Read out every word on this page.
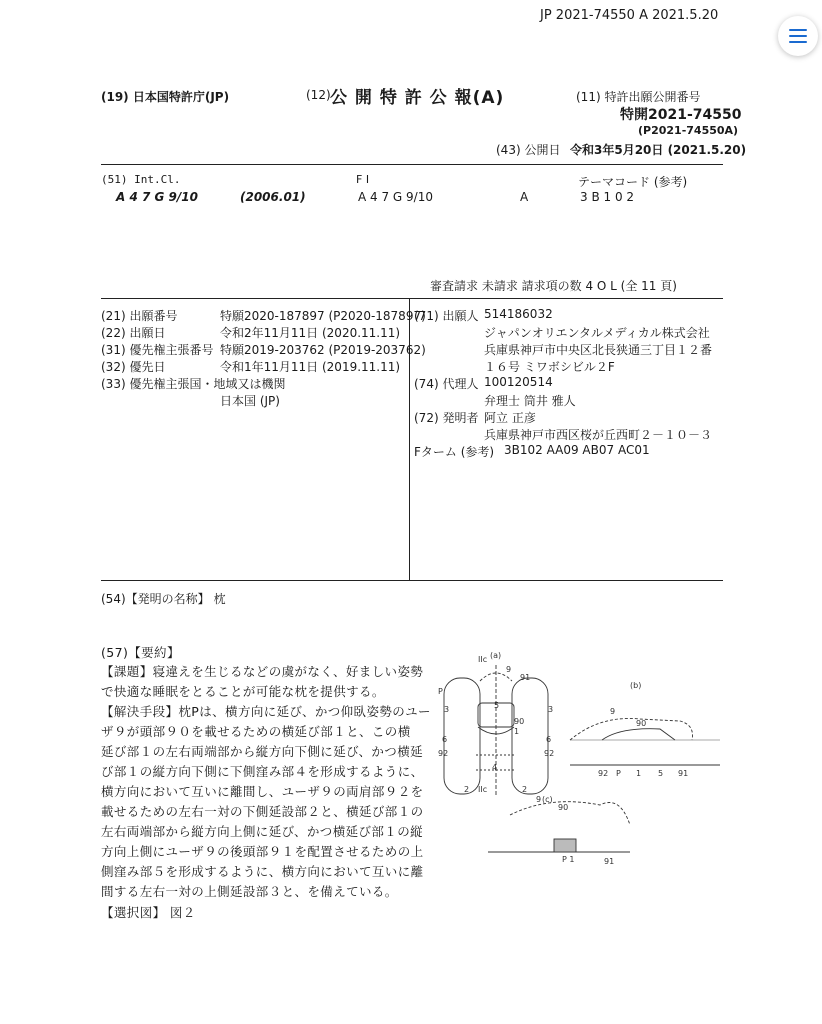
JP 2021-74550 A 2021.5.20
(19) 日本国特許庁(JP)	(12) 公 開 特 許 公 報(A)	(11) 特許出願公開番号
特開2021-74550
(P2021-74550A)
(43) 公開日 令和3年5月20日 (2021.5.20)
(51) Int.Cl.	F I	テーマコード (参考)
A 4 7 G 9/10	(2006.01)	A 4 7 G 9/10	A	3 B 1 0 2
審査請求 未請求 請求項の数 4 O L (全 11 頁)
(21) 出願番号	特願2020-187897 (P2020-187897)
(22) 出願日	令和2年11月11日 (2020.11.11)
(31) 優先権主張番号 特願2019-203762 (P2019-203762)
(32) 優先日	令和1年11月11日 (2019.11.11)
(33) 優先権主張国・地域又は機関
日本国 (JP)
(71) 出願人 514186032
ジャパンオリエンタルメディカル株式会社
兵庫県神戸市中央区北長狭通三丁目１２番
１６号 ミワボシビル２F
(74) 代理人 100120514
弁理士 筒井 雅人
(72) 発明者 阿立 正彦
兵庫県神戸市西区桜が丘西町２－１０－３
Fターム (参考) 3B102 AA09 AB07 AC01
(54)【発明の名称】 枕
(57)【要約】
【課題】寝違えを生じるなどの虞がなく、好ましい姿勢
で快適な睡眠をとることが可能な枕を提供する。
【解決手段】枕Pは、横方向に延び、かつ仰臥姿勢のユー
ザ９が頭部９０を載せるための横延び部１と、この横
延び部１の左右両端部から縦方向下側に延び、かつ横延
び部１の縦方向下側に下側窪み部４を形成するように、
横方向において互いに離間し、ユーザ９の両肩部９２を
載せるための左右一対の下側延設部２と、横延び部１の
左右両端部から縦方向上側に延び、かつ横延び部１の縦
方向上側にユーザ９の後頭部９１を配置させるための上
側窪み部５を形成するように、横方向において互いに離
間する左右一対の上側延設部３と、を備えている。
【選択図】 図２
(a)
(b)
(c)
IIc
IIc
P
3	3
5
9
91
1
90
6	6
92	92
4
2	2
9
90
92 P 1 5 91
9
90
P 1	91
